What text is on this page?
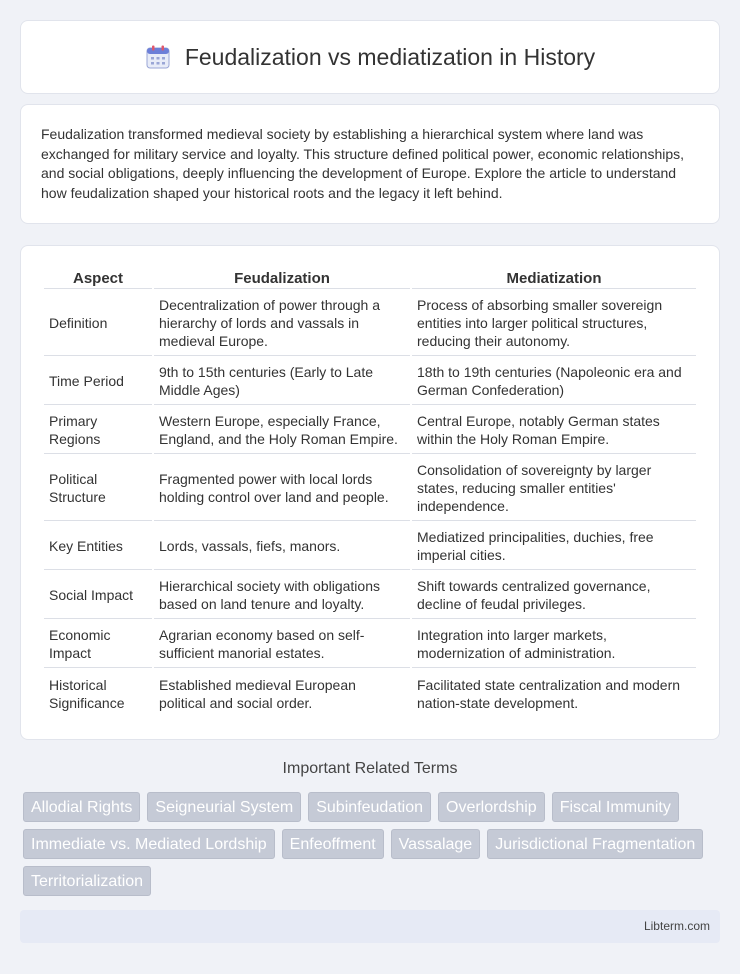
Feudalization vs mediatization in History

Feudalization transformed medieval society by establishing a hierarchical system where land was exchanged for military service and loyalty. This structure defined political power, economic relationships, and social obligations, deeply influencing the development of Europe. Explore the article to understand how feudalization shaped your historical roots and the legacy it left behind.

Aspect	Feudalization	Mediatization
Definition	Decentralization of power through a hierarchy of lords and vassals in medieval Europe.	Process of absorbing smaller sovereign entities into larger political structures, reducing their autonomy.
Time Period	9th to 15th centuries (Early to Late Middle Ages)	18th to 19th centuries (Napoleonic era and German Confederation)
Primary Regions	Western Europe, especially France, England, and the Holy Roman Empire.	Central Europe, notably German states within the Holy Roman Empire.
Political Structure	Fragmented power with local lords holding control over land and people.	Consolidation of sovereignty by larger states, reducing smaller entities' independence.
Key Entities	Lords, vassals, fiefs, manors.	Mediatized principalities, duchies, free imperial cities.
Social Impact	Hierarchical society with obligations based on land tenure and loyalty.	Shift towards centralized governance, decline of feudal privileges.
Economic Impact	Agrarian economy based on self-sufficient manorial estates.	Integration into larger markets, modernization of administration.
Historical Significance	Established medieval European political and social order.	Facilitated state centralization and modern nation-state development.
Important Related Terms
Allodial Rights	Seigneurial System	Subinfeudation	Overlordship	Fiscal Immunity
Immediate vs. Mediated Lordship	Enfeoffment	Vassalage	Jurisdictional Fragmentation
Territorialization
Libterm.com
